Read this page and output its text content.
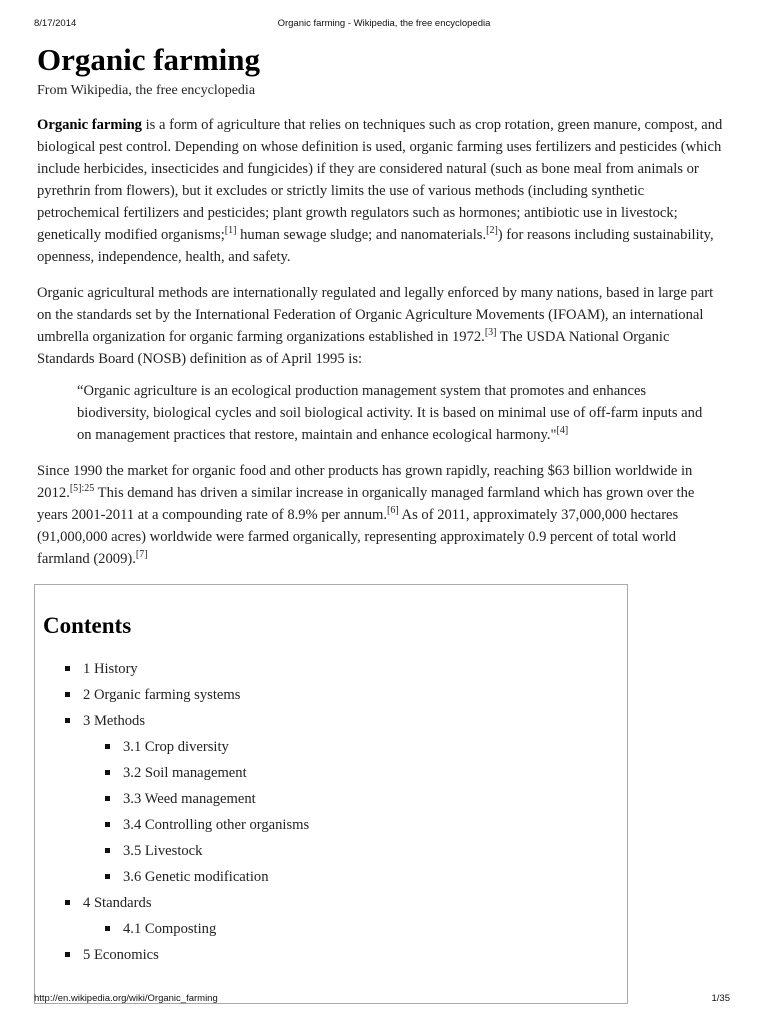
8/17/2014	Organic farming - Wikipedia, the free encyclopedia
Organic farming
From Wikipedia, the free encyclopedia

Organic farming is a form of agriculture that relies on techniques such as crop rotation, green manure, compost, and biological pest control. Depending on whose definition is used, organic farming uses fertilizers and pesticides (which include herbicides, insecticides and fungicides) if they are considered natural (such as bone meal from animals or pyrethrin from flowers), but it excludes or strictly limits the use of various methods (including synthetic petrochemical fertilizers and pesticides; plant growth regulators such as hormones; antibiotic use in livestock; genetically modified organisms;[1] human sewage sludge; and nanomaterials.[2]) for reasons including sustainability, openness, independence, health, and safety.

Organic agricultural methods are internationally regulated and legally enforced by many nations, based in large part on the standards set by the International Federation of Organic Agriculture Movements (IFOAM), an international umbrella organization for organic farming organizations established in 1972.[3] The USDA National Organic Standards Board (NOSB) definition as of April 1995 is:

“Organic agriculture is an ecological production management system that promotes and enhances biodiversity, biological cycles and soil biological activity. It is based on minimal use of off-farm inputs and on management practices that restore, maintain and enhance ecological harmony."[4]

Since 1990 the market for organic food and other products has grown rapidly, reaching $63 billion worldwide in 2012.$^{[5]:25}$ This demand has driven a similar increase in organically managed farmland which has grown over the years 2001-2011 at a compounding rate of 8.9% per annum.[6] As of 2011, approximately 37,000,000 hectares (91,000,000 acres) worldwide were farmed organically, representing approximately 0.9 percent of total world farmland (2009).[7]

Contents
1 History
2 Organic farming systems
3 Methods
3.1 Crop diversity
3.2 Soil management
3.3 Weed management
3.4 Controlling other organisms
3.5 Livestock
3.6 Genetic modification
4 Standards
4.1 Composting
5 Economics
http://en.wikipedia.org/wiki/Organic_farming	1/35
